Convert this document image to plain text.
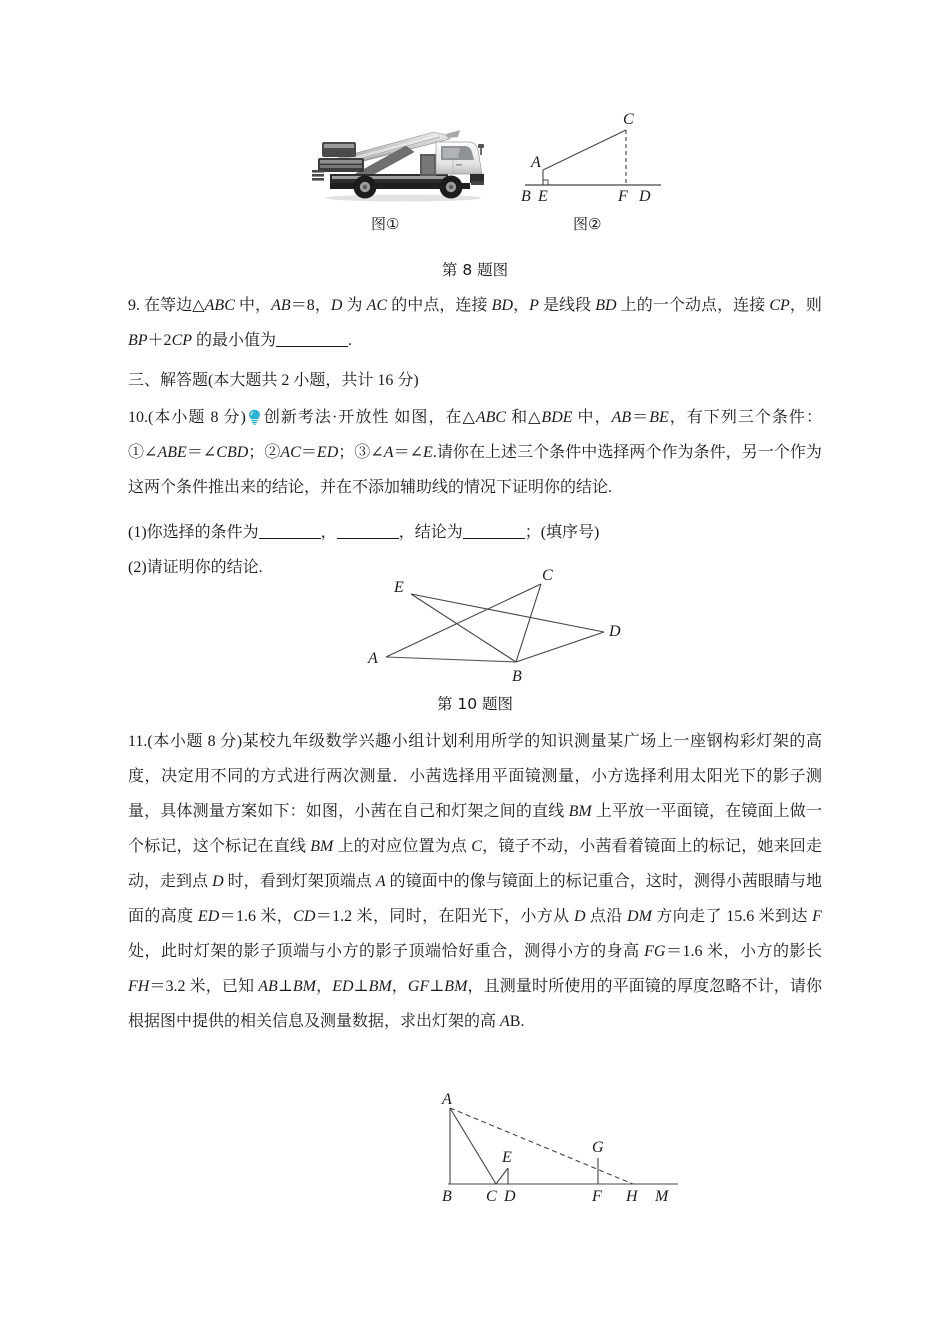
C
A
B E	F D
图①	图②
第 8 题图
9. 在等边△ABC 中，AB＝8，D 为 AC 的中点，连接 BD，P 是线段 BD 上的一个动点，连接 CP，则 BP＋2CP 的最小值为	.
三、解答题(本大题共 2 小题，共计 16 分)
10.(本小题 8 分) 创新考法·开放性 如图，在△ABC 和△BDE 中，AB＝BE，有下列三个条件：①∠ABE＝∠CBD；②AC＝ED；③∠A＝∠E.请你在上述三个条件中选择两个作为条件，另一个作为这两个条件推出来的结论，并在不添加辅助线的情况下证明你的结论.
(1)你选择的条件为	，	，结论为	；(填序号)
(2)请证明你的结论.
E
C
D
A
B
第 10 题图
11.(本小题 8 分)某校九年级数学兴趣小组计划利用所学的知识测量某广场上一座钢构彩灯架的高度，决定用不同的方式进行两次测量．小茜选择用平面镜测量，小方选择利用太阳光下的影子测量，具体测量方案如下：如图，小茜在自己和灯架之间的直线 BM 上平放一平面镜，在镜面上做一个标记，这个标记在直线 BM 上的对应位置为点 C，镜子不动，小茜看着镜面上的标记，她来回走动，走到点 D 时，看到灯架顶端点 A 的镜面中的像与镜面上的标记重合，这时，测得小茜眼睛与地面的高度 ED＝1.6 米，CD＝1.2 米，同时，在阳光下，小方从 D 点沿 DM 方向走了 15.6 米到达 F 处，此时灯架的影子顶端与小方的影子顶端恰好重合，测得小方的身高 FG＝1.6 米，小方的影长 FH＝3.2 米，已知 AB⊥BM，ED⊥BM，GF⊥BM，且测量时所使用的平面镜的厚度忽略不计，请你根据图中提供的相关信息及测量数据，求出灯架的高 AB.
A
E
G
B C D	F H M
